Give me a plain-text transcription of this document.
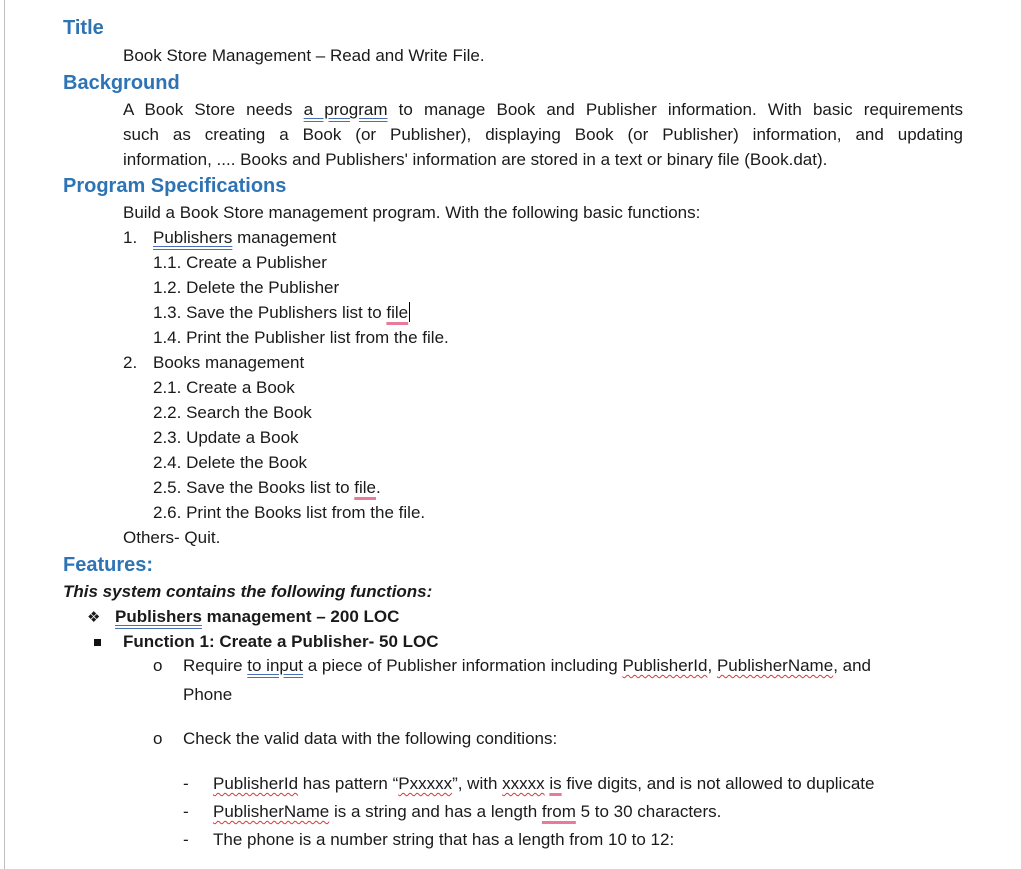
Title
Book Store Management – Read and Write File.
Background
A Book Store needs a program to manage Book and Publisher information. With basic requirements
such as creating a Book (or Publisher), displaying Book (or Publisher) information, and updating
information, .... Books and Publishers' information are stored in a text or binary file (Book.dat).
Program Specifications
Build a Book Store management program. With the following basic functions:
1. Publishers management
1.1. Create a Publisher
1.2. Delete the Publisher
1.3. Save the Publishers list to file
1.4. Print the Publisher list from the file.
2. Books management
2.1. Create a Book
2.2. Search the Book
2.3. Update a Book
2.4. Delete the Book
2.5. Save the Books list to file.
2.6. Print the Books list from the file.
Others- Quit.
Features:
This system contains the following functions:
❖ Publishers management – 200 LOC
Function 1: Create a Publisher- 50 LOC
o Require to input a piece of Publisher information including PublisherId, PublisherName, and
Phone
o Check the valid data with the following conditions:
- PublisherId has pattern “Pxxxxx”, with xxxxx is five digits, and is not allowed to duplicate
- PublisherName is a string and has a length from 5 to 30 characters.
- The phone is a number string that has a length from 10 to 12:
